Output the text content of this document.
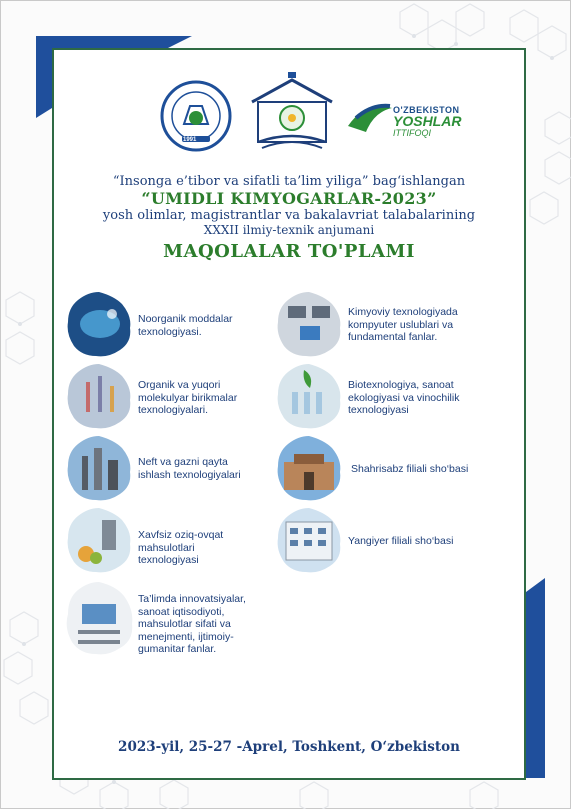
1991
O'ZBEKISTON
YOSHLAR
ITTIFOQI
“Insonga e’tibor va sifatli ta’lim yiliga” bag‘ishlangan
“UMIDLI KIMYOGARLAR-2023”
yosh olimlar, magistrantlar va bakalavriat talabalarining
XXXII ilmiy-texnik anjumani
MAQOLALAR TO'PLAMI
Noorganik moddalar
texnologiyasi.
Kimyoviy texnologiyada
kompyuter uslublari va
fundamental fanlar.
Organik va yuqori
molekulyar birikmalar
texnologiyalari.
Biotexnologiya, sanoat
ekologiyasi va vinochilik
texnologiyasi
Neft va gazni qayta
ishlash texnologiyalari	Shahrisabz filiali sho‘basi
Xavfsiz oziq-ovqat
mahsulotlari
texnologiyasi
Yangiyer filiali sho‘basi
Ta’limda innovatsiyalar,
sanoat iqtisodiyoti,
mahsulotlar sifati va
menejmenti, ijtimoiy-
gumanitar fanlar.
2023-yil, 25-27 -Aprel, Toshkent, O‘zbekiston
